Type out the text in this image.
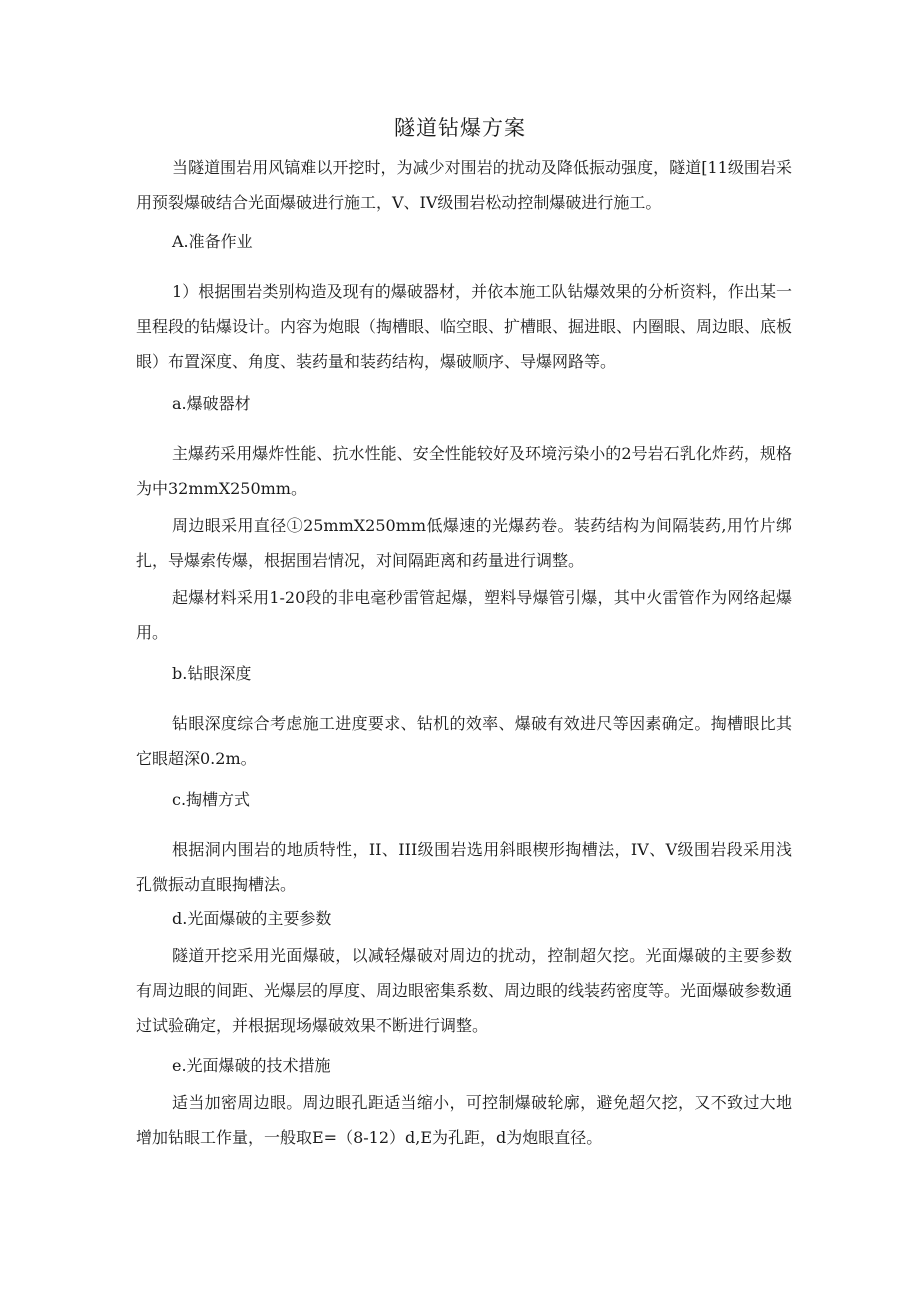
隧道钻爆方案

当隧道围岩用风镐难以开挖时，为减少对围岩的扰动及降低振动强度，隧道[11级围岩采用预裂爆破结合光面爆破进行施工，V、IV级围岩松动控制爆破进行施工。

A.准备作业

1）根据围岩类别构造及现有的爆破器材，并依本施工队钻爆效果的分析资料，作出某一里程段的钻爆设计。内容为炮眼（掏槽眼、临空眼、扩槽眼、掘进眼、内圈眼、周边眼、底板眼）布置深度、角度、装药量和装药结构，爆破顺序、导爆网路等。

a.爆破器材

主爆药采用爆炸性能、抗水性能、安全性能较好及环境污染小的2号岩石乳化炸药，规格为中32mmX250mm。

周边眼采用直径①25mmX250mm低爆速的光爆药卷。装药结构为间隔装药,用竹片绑扎，导爆索传爆，根据围岩情况，对间隔距离和药量进行调整。

起爆材料采用1-20段的非电毫秒雷管起爆，塑料导爆管引爆，其中火雷管作为网络起爆用。

b.钻眼深度

钻眼深度综合考虑施工进度要求、钻机的效率、爆破有效进尺等因素确定。掏槽眼比其它眼超深0.2m。

c.掏槽方式

根据洞内围岩的地质特性，II、III级围岩选用斜眼楔形掏槽法，IV、V级围岩段采用浅孔微振动直眼掏槽法。

d.光面爆破的主要参数

隧道开挖采用光面爆破，以减轻爆破对周边的扰动，控制超欠挖。光面爆破的主要参数有周边眼的间距、光爆层的厚度、周边眼密集系数、周边眼的线装药密度等。光面爆破参数通过试验确定，并根据现场爆破效果不断进行调整。

e.光面爆破的技术措施

适当加密周边眼。周边眼孔距适当缩小，可控制爆破轮廓，避免超欠挖，又不致过大地增加钻眼工作量，一般取E=（8-12）d,E为孔距，d为炮眼直径。
